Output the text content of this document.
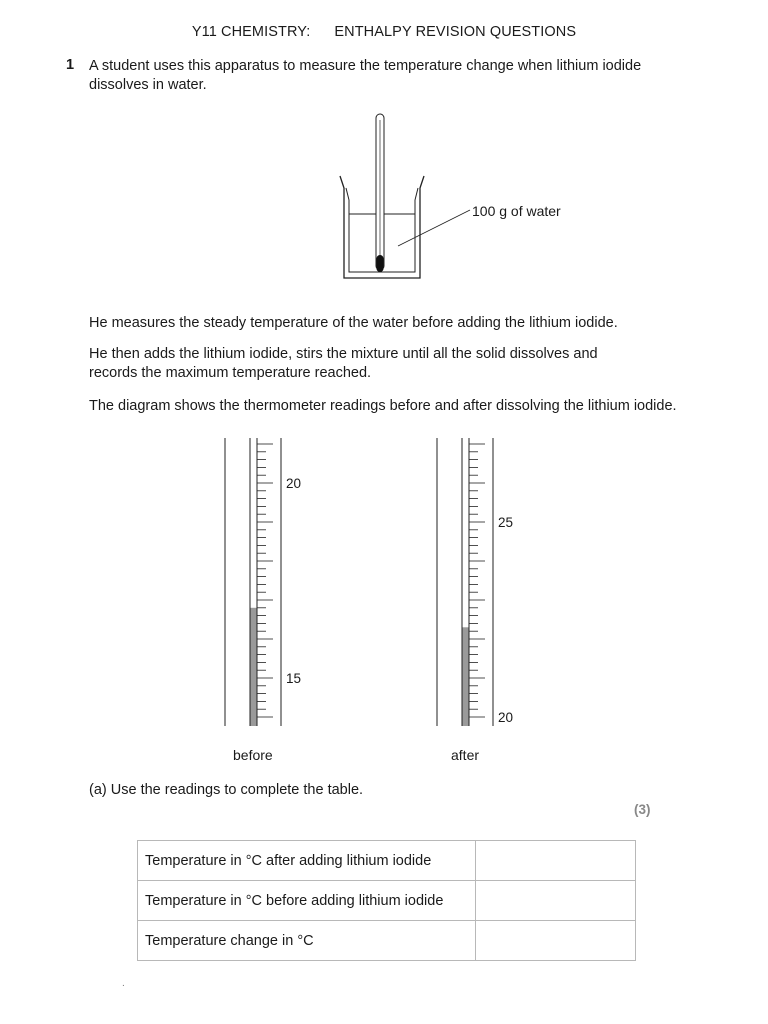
Y11 CHEMISTRY: ENTHALPY REVISION QUESTIONS
1 A student uses this apparatus to measure the temperature change when lithium iodide
dissolves in water.
100 g of water
He measures the steady temperature of the water before adding the lithium iodide.
He then adds the lithium iodide, stirs the mixture until all the solid dissolves and
records the maximum temperature reached.
The diagram shows the thermometer readings before and after dissolving the lithium iodide.
20
15
25
20
before	after
(a) Use the readings to complete the table.
(3)
Temperature in °C after adding lithium iodide	
Temperature in °C before adding lithium iodide	
Temperature change in °C	
.
